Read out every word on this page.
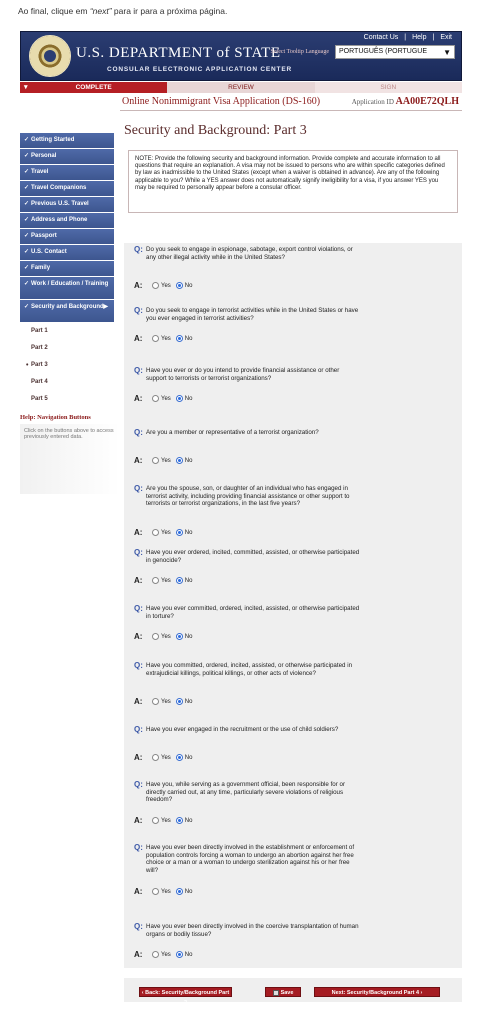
Ao final, clique em “next” para ir para a próxima página.
U.S. DEPARTMENT of STATE
CONSULAR ELECTRONIC APPLICATION CENTER
Contact Us | Help | Exit
Select Tooltip Language	PORTUGUÊS (PORTUGUE ▼
▾	COMPLETE	REVIEW	SIGN
Online Nonimmigrant Visa Application (DS-160)	Application ID AA00E72QLH
✓ Getting Started
✓ Personal
✓ Travel
✓ Travel Companions
✓ Previous U.S. Travel
✓ Address and Phone
✓ Passport
✓ U.S. Contact
✓ Family
✓ Work / Education / Training
✓ Security and Background ▶
Part 1
Part 2
• Part 3
Part 4
Part 5
Help: Navigation Buttons
Click on the buttons above to access previously entered data.
Security and Background: Part 3
NOTE: Provide the following security and background information. Provide complete and accurate information to all questions that require an explanation. A visa may not be issued to persons who are within specific categories defined by law as inadmissible to the United States (except when a waiver is obtained in advance). Are any of the following applicable to you? While a YES answer does not automatically signify ineligibility for a visa, if you answer YES you may be required to personally appear before a consular officer.
Q: Do you seek to engage in espionage, sabotage, export control violations, or any other illegal activity while in the United States?
A:	Yes	No
Q: Do you seek to engage in terrorist activities while in the United States or have you ever engaged in terrorist activities?
A:	Yes	No
Q: Have you ever or do you intend to provide financial assistance or other support to terrorists or terrorist organizations?
A:	Yes	No
Q: Are you a member or representative of a terrorist organization?
A:	Yes	No
Q: Are you the spouse, son, or daughter of an individual who has engaged in terrorist activity, including providing financial assistance or other support to terrorists or terrorist organizations, in the last five years?
A:	Yes	No
Q: Have you ever ordered, incited, committed, assisted, or otherwise participated in genocide?
A:	Yes	No
Q: Have you ever committed, ordered, incited, assisted, or otherwise participated in torture?
A:	Yes	No
Q: Have you committed, ordered, incited, assisted, or otherwise participated in extrajudicial killings, political killings, or other acts of violence?
A:	Yes	No
Q: Have you ever engaged in the recruitment or the use of child soldiers?
A:	Yes	No
Q: Have you, while serving as a government official, been responsible for or directly carried out, at any time, particularly severe violations of religious freedom?
A:	Yes	No
Q: Have you ever been directly involved in the establishment or enforcement of population controls forcing a woman to undergo an abortion against her free choice or a man or a woman to undergo sterilization against his or her free will?
A:	Yes	No
Q: Have you ever been directly involved in the coercive transplantation of human organs or bodily tissue?
A:	Yes	No
‹ Back: Security/Background Part 2
Save	Next: Security/Background Part 4 ›
